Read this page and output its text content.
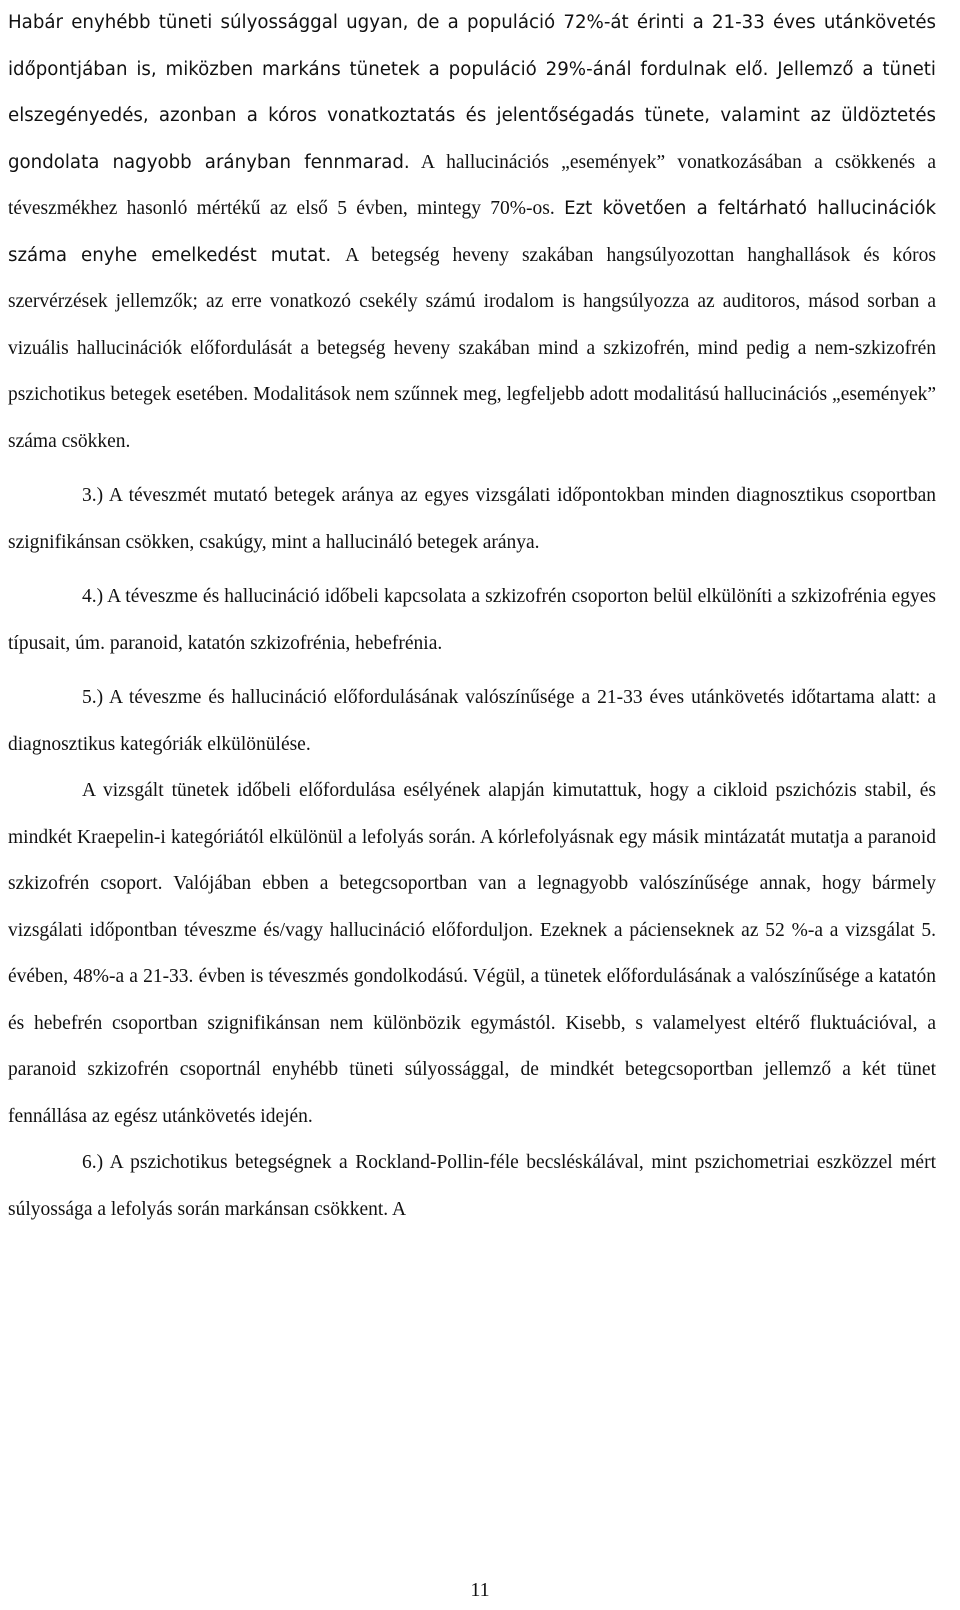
Habár enyhébb tüneti súlyossággal ugyan, de a populáció 72%-át érinti a 21-33 éves utánkövetés időpontjában is, miközben markáns tünetek a populáció 29%-ánál fordulnak elő. Jellemző a tüneti elszegényedés, azonban a kóros vonatkoztatás és jelentőségadás tünete, valamint az üldöztetés gondolata nagyobb arányban fennmarad. A hallucinációs „események” vonatkozásában a csökkenés a téveszmékhez hasonló mértékű az első 5 évben, mintegy 70%-os. Ezt követően a feltárható hallucinációk száma enyhe emelkedést mutat. A betegség heveny szakában hangsúlyozottan hanghallások és kóros szervérzések jellemzők; az erre vonatkozó csekély számú irodalom is hangsúlyozza az auditoros, másod sorban a vizuális hallucinációk előfordulását a betegség heveny szakában mind a szkizofrén, mind pedig a nem-szkizofrén pszichotikus betegek esetében. Modalitások nem szűnnek meg, legfeljebb adott modalitású hallucinációs „események” száma csökken.

3.) A téveszmét mutató betegek aránya az egyes vizsgálati időpontokban minden diagnosztikus csoportban szignifikánsan csökken, csakúgy, mint a hallucináló betegek aránya.

4.) A téveszme és hallucináció időbeli kapcsolata a szkizofrén csoporton belül elkülöníti a szkizofrénia egyes típusait, úm. paranoid, katatón szkizofrénia, hebefrénia.

5.) A téveszme és hallucináció előfordulásának valószínűsége a 21-33 éves utánkövetés időtartama alatt: a diagnosztikus kategóriák elkülönülése.

A vizsgált tünetek időbeli előfordulása esélyének alapján kimutattuk, hogy a cikloid pszichózis stabil, és mindkét Kraepelin-i kategóriától elkülönül a lefolyás során. A kórlefolyásnak egy másik mintázatát mutatja a paranoid szkizofrén csoport. Valójában ebben a betegcsoportban van a legnagyobb valószínűsége annak, hogy bármely vizsgálati időpontban téveszme és/vagy hallucináció előforduljon. Ezeknek a pácienseknek az 52 %-a a vizsgálat 5. évében, 48%-a a 21-33. évben is téveszmés gondolkodású. Végül, a tünetek előfordulásának a valószínűsége a katatón és hebefrén csoportban szignifikánsan nem különbözik egymástól. Kisebb, s valamelyest eltérő fluktuációval, a paranoid szkizofrén csoportnál enyhébb tüneti súlyossággal, de mindkét betegcsoportban jellemző a két tünet fennállása az egész utánkövetés idején.

6.) A pszichotikus betegségnek a Rockland-Pollin-féle becsléskálával, mint pszichometriai eszközzel mért súlyossága a lefolyás során markánsan csökkent. A

11
